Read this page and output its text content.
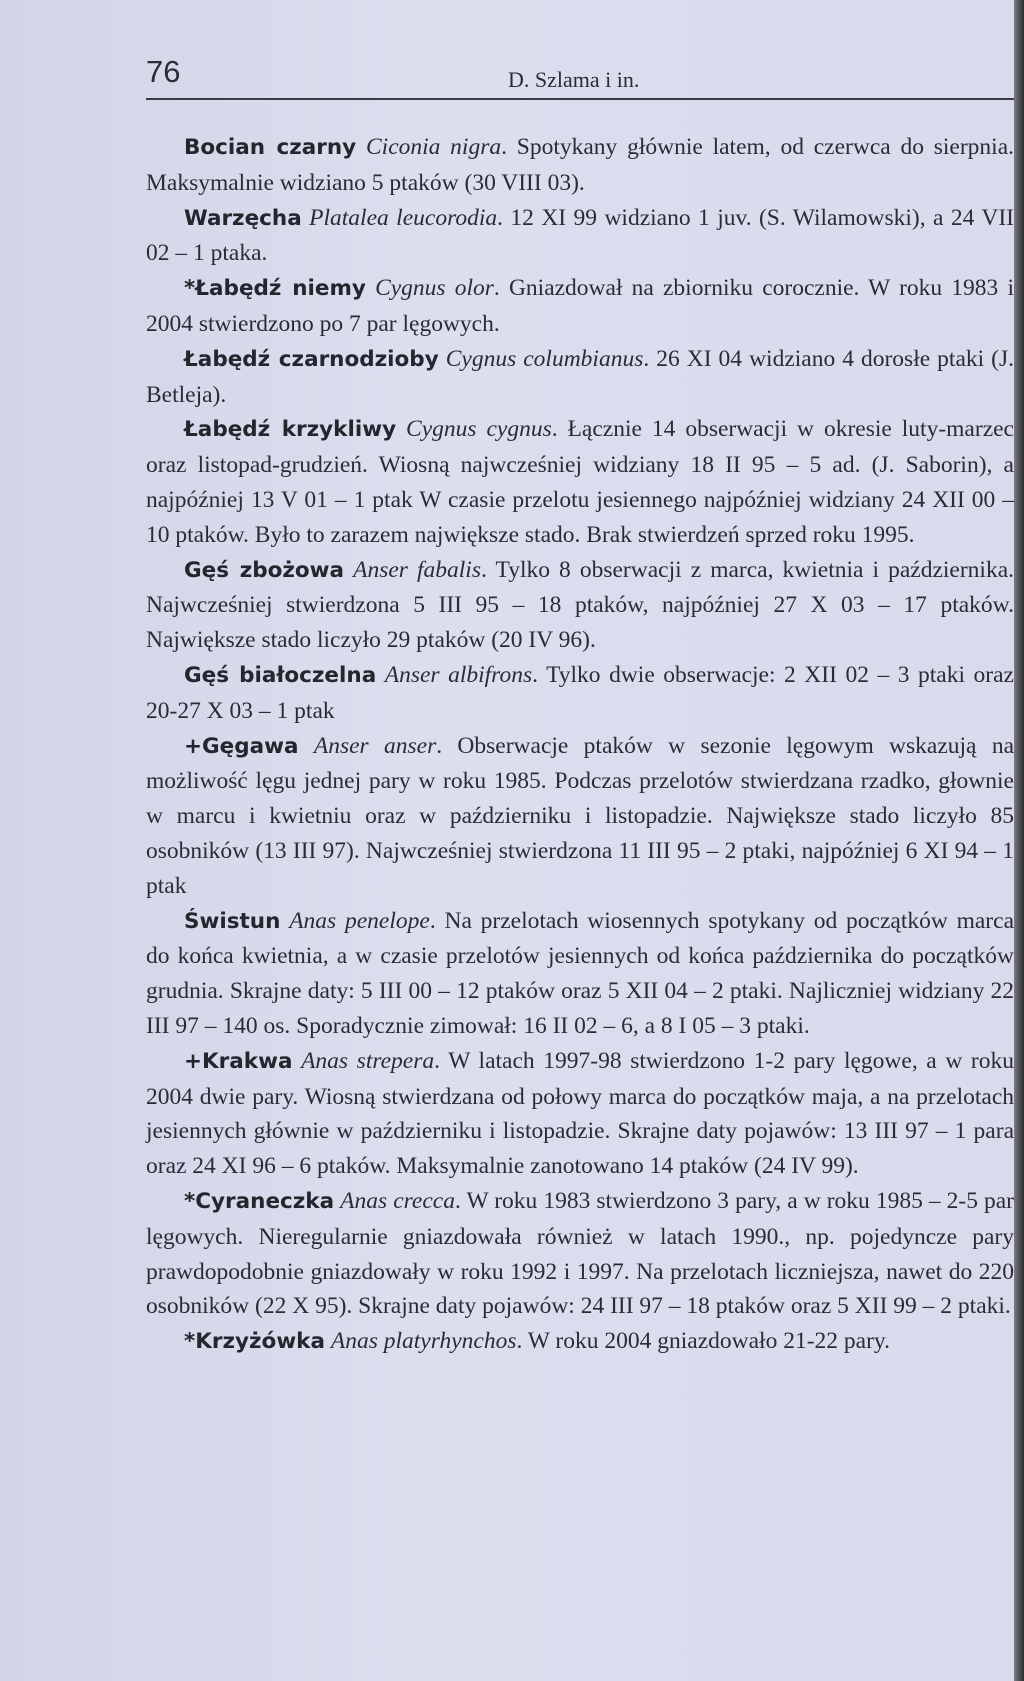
76	D. Szlama i in.

Bocian czarny Ciconia nigra. Spotykany głównie latem, od czerwca do sierpnia. Maksymalnie widziano 5 ptaków (30 VIII 03).

Warzęcha Platalea leucorodia. 12 XI 99 widziano 1 juv. (S. Wilamowski), a 24 VII 02 – 1 ptaka.

*Łabędź niemy Cygnus olor. Gniazdował na zbiorniku corocznie. W roku 1983 i 2004 stwierdzono po 7 par lęgowych.

Łabędź czarnodzioby Cygnus columbianus. 26 XI 04 widziano 4 dorosłe ptaki (J. Betleja).

Łabędź krzykliwy Cygnus cygnus. Łącznie 14 obserwacji w okresie luty-marzec oraz listopad-grudzień. Wiosną najwcześniej widziany 18 II 95 – 5 ad. (J. Saborin), a najpóźniej 13 V 01 – 1 ptak W czasie przelotu jesiennego najpóźniej widziany 24 XII 00 – 10 ptaków. Było to zarazem największe stado. Brak stwierdzeń sprzed roku 1995.

Gęś zbożowa Anser fabalis. Tylko 8 obserwacji z marca, kwietnia i października. Najwcześniej stwierdzona 5 III 95 – 18 ptaków, najpóźniej 27 X 03 – 17 ptaków. Największe stado liczyło 29 ptaków (20 IV 96).

Gęś białoczelna Anser albifrons. Tylko dwie obserwacje: 2 XII 02 – 3 ptaki oraz 20-27 X 03 – 1 ptak

+Gęgawa Anser anser. Obserwacje ptaków w sezonie lęgowym wskazują na możliwość lęgu jednej pary w roku 1985. Podczas przelotów stwierdzana rzadko, głownie w marcu i kwietniu oraz w październiku i listopadzie. Największe stado liczyło 85 osobników (13 III 97). Najwcześniej stwierdzona 11 III 95 – 2 ptaki, najpóźniej 6 XI 94 – 1 ptak

Świstun Anas penelope. Na przelotach wiosennych spotykany od początków marca do końca kwietnia, a w czasie przelotów jesiennych od końca października do początków grudnia. Skrajne daty: 5 III 00 – 12 ptaków oraz 5 XII 04 – 2 ptaki. Najliczniej widziany 22 III 97 – 140 os. Sporadycznie zimował: 16 II 02 – 6, a 8 I 05 – 3 ptaki.

+Krakwa Anas strepera. W latach 1997-98 stwierdzono 1-2 pary lęgowe, a w roku 2004 dwie pary. Wiosną stwierdzana od połowy marca do początków maja, a na przelotach jesiennych głównie w październiku i listopadzie. Skrajne daty pojawów: 13 III 97 – 1 para oraz 24 XI 96 – 6 ptaków. Maksymalnie zanotowano 14 ptaków (24 IV 99).

*Cyraneczka Anas crecca. W roku 1983 stwierdzono 3 pary, a w roku 1985 – 2-5 par lęgowych. Nieregularnie gniazdowała również w latach 1990., np. pojedyncze pary prawdopodobnie gniazdowały w roku 1992 i 1997. Na przelotach liczniejsza, nawet do 220 osobników (22 X 95). Skrajne daty pojawów: 24 III 97 – 18 ptaków oraz 5 XII 99 – 2 ptaki.

*Krzyżówka Anas platyrhynchos. W roku 2004 gniazdowało 21-22 pary.
